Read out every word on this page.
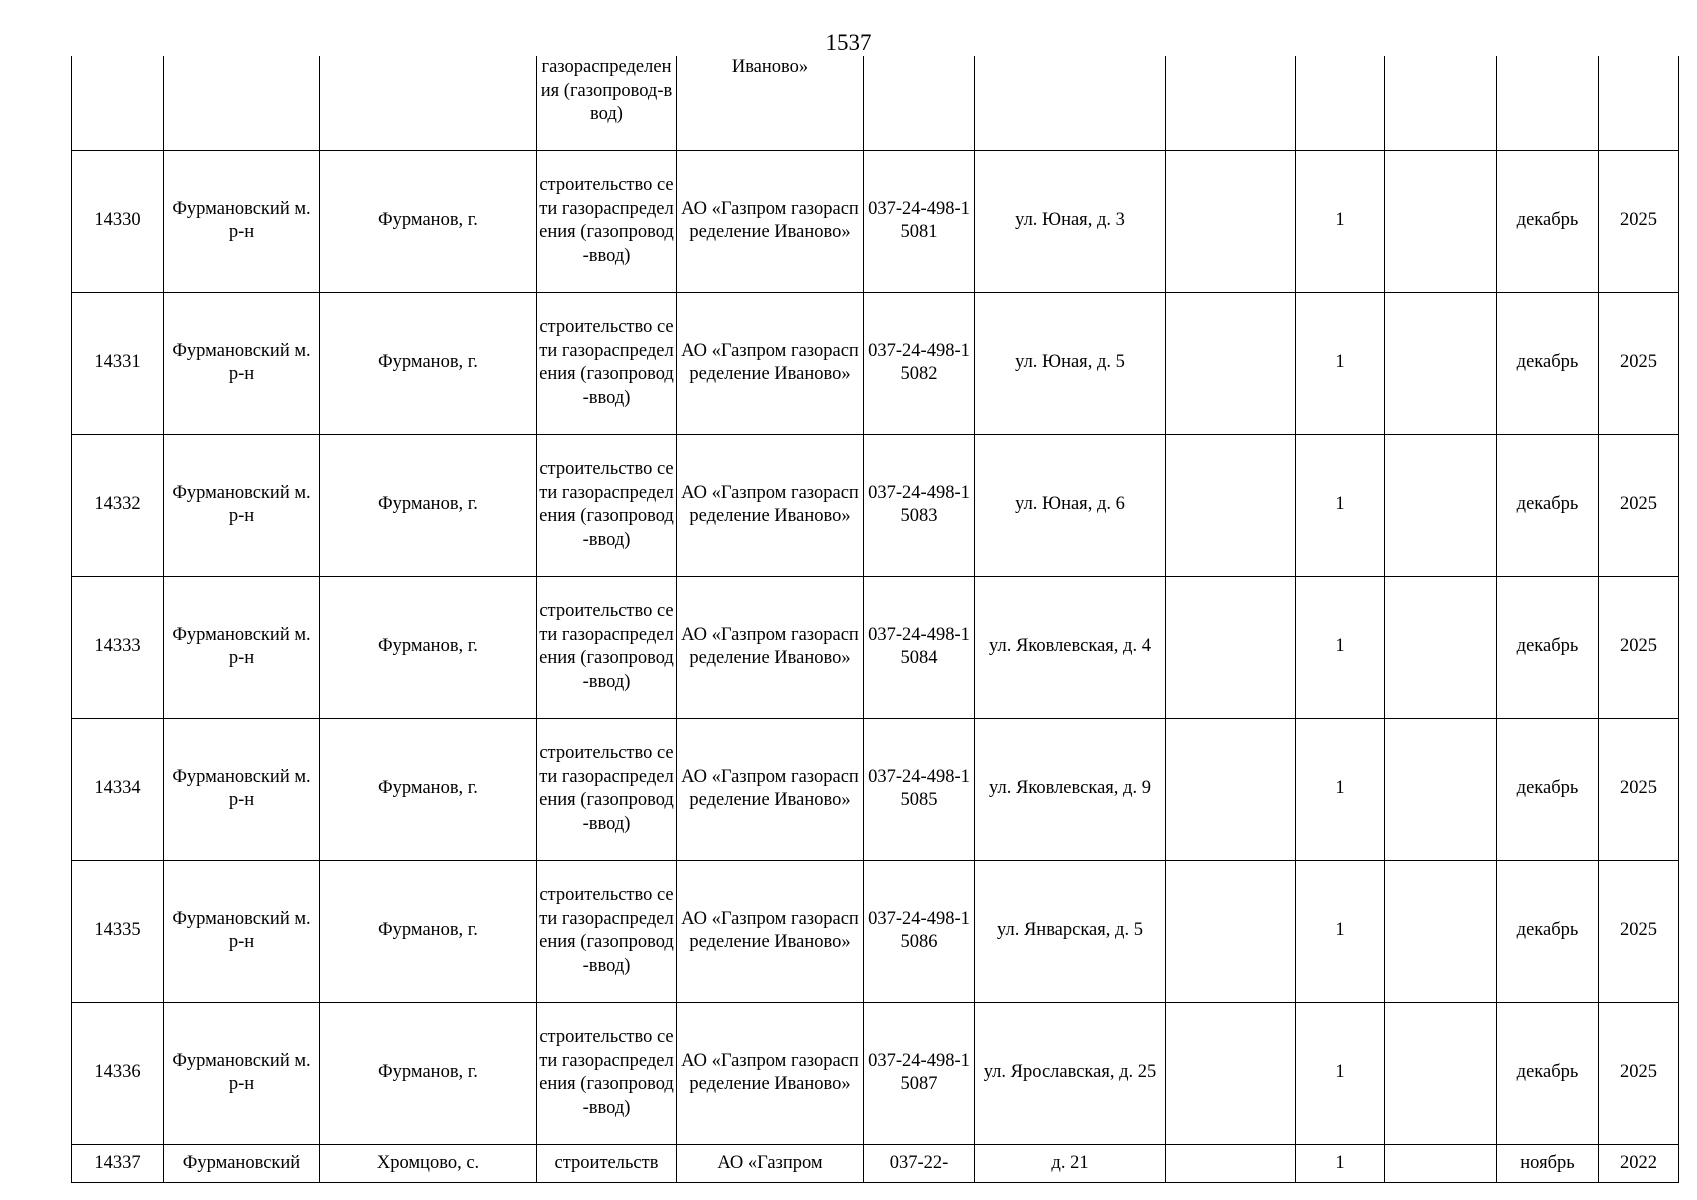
1537
			газораспределения (газопровод-ввод)	Иваново»							
14330	Фурмановский м.р-н	Фурманов, г.	строительство сети газораспределения (газопровод-ввод)	АО «Газпром газораспределение Иваново»	037-24-498-15081	ул. Юная, д. 3		1		декабрь	2025
14331	Фурмановский м.р-н	Фурманов, г.	строительство сети газораспределения (газопровод-ввод)	АО «Газпром газораспределение Иваново»	037-24-498-15082	ул. Юная, д. 5		1		декабрь	2025
14332	Фурмановский м.р-н	Фурманов, г.	строительство сети газораспределения (газопровод-ввод)	АО «Газпром газораспределение Иваново»	037-24-498-15083	ул. Юная, д. 6		1		декабрь	2025
14333	Фурмановский м.р-н	Фурманов, г.	строительство сети газораспределения (газопровод-ввод)	АО «Газпром газораспределение Иваново»	037-24-498-15084	ул. Яковлевская, д. 4		1		декабрь	2025
14334	Фурмановский м.р-н	Фурманов, г.	строительство сети газораспределения (газопровод-ввод)	АО «Газпром газораспределение Иваново»	037-24-498-15085	ул. Яковлевская, д. 9		1		декабрь	2025
14335	Фурмановский м.р-н	Фурманов, г.	строительство сети газораспределения (газопровод-ввод)	АО «Газпром газораспределение Иваново»	037-24-498-15086	ул. Январская, д. 5		1		декабрь	2025
14336	Фурмановский м.р-н	Фурманов, г.	строительство сети газораспределения (газопровод-ввод)	АО «Газпром газораспределение Иваново»	037-24-498-15087	ул. Ярославская, д. 25		1		декабрь	2025
14337	Фурмановский	Хромцово, с.	строительств	АО «Газпром	037-22-	д. 21		1		ноябрь	2022
